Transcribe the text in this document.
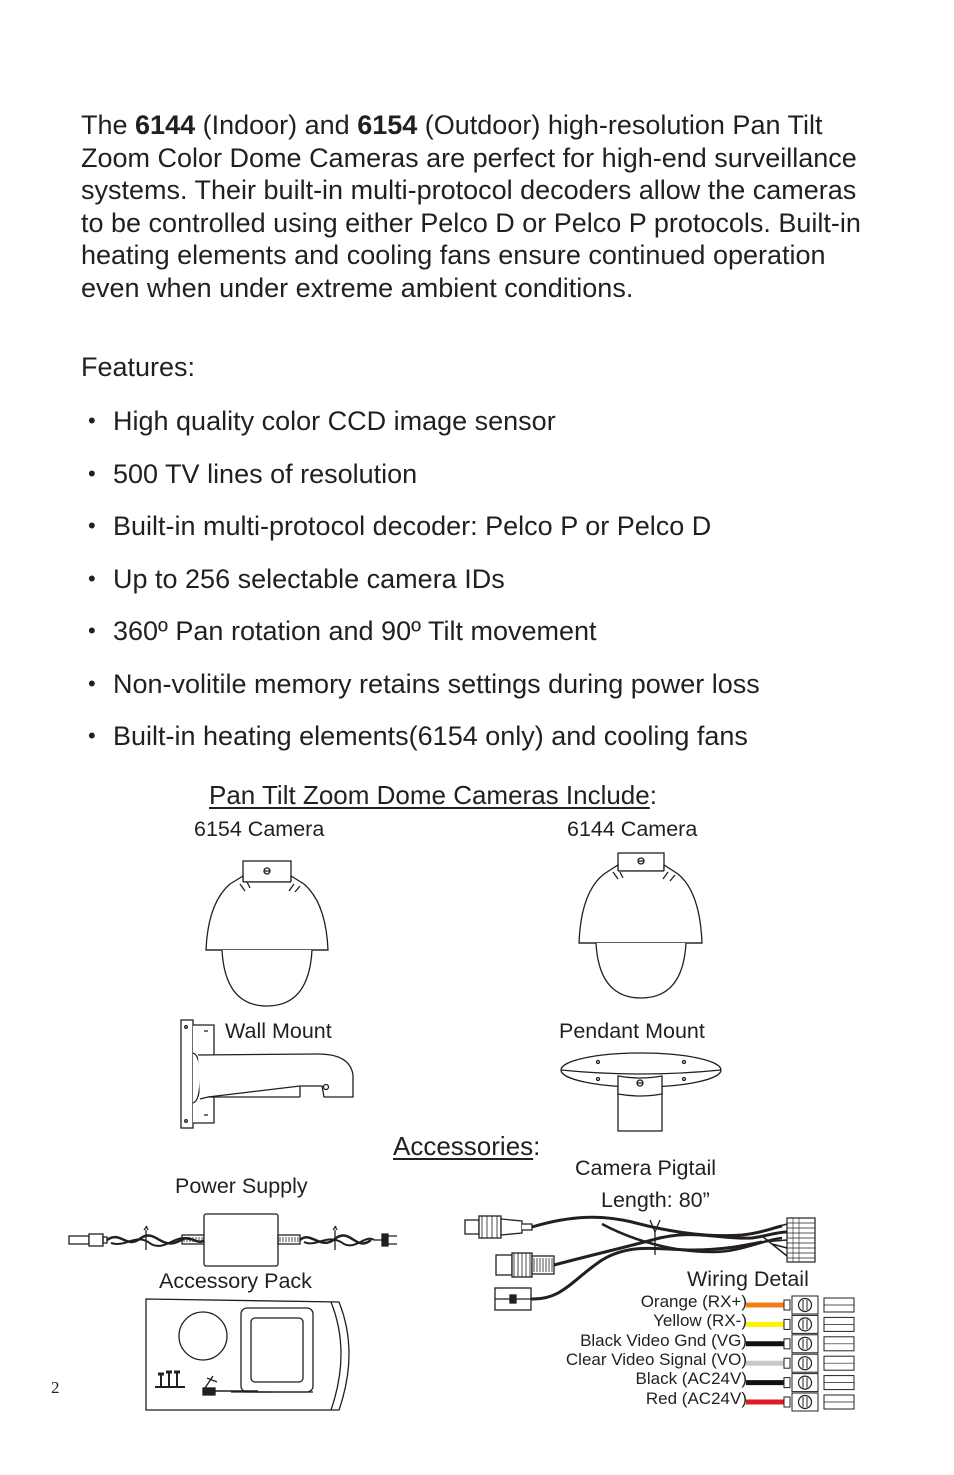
The 6144 (Indoor) and 6154 (Outdoor) high-resolution Pan Tilt Zoom Color Dome Cameras are perfect for high-end surveillance systems. Their built-in multi-protocol decoders allow the cameras to be controlled using either Pelco D or Pelco P protocols. Built-in heating elements and cooling fans ensure continued operation even when under extreme ambient conditions.

Features:

• High quality color CCD image sensor
• 500 TV lines of resolution
• Built-in multi-protocol decoder: Pelco P or Pelco D
• Up to 256 selectable camera IDs
• 360º Pan rotation and 90º Tilt movement
• Non-volitile memory retains settings during power loss
• Built-in heating elements(6154 only) and cooling fans
Pan Tilt Zoom Dome Cameras Include:
6154 Camera	6144 Camera
Wall Mount	Pendant Mount
Accessories:
Camera Pigtail
Length: 80”
Power Supply
Accessory Pack	Wiring Detail
Orange (RX+)
Yellow (RX-)
Black Video Gnd (VG)
Clear Video Signal (VO)
Black (AC24V)
Red (AC24V)
2
